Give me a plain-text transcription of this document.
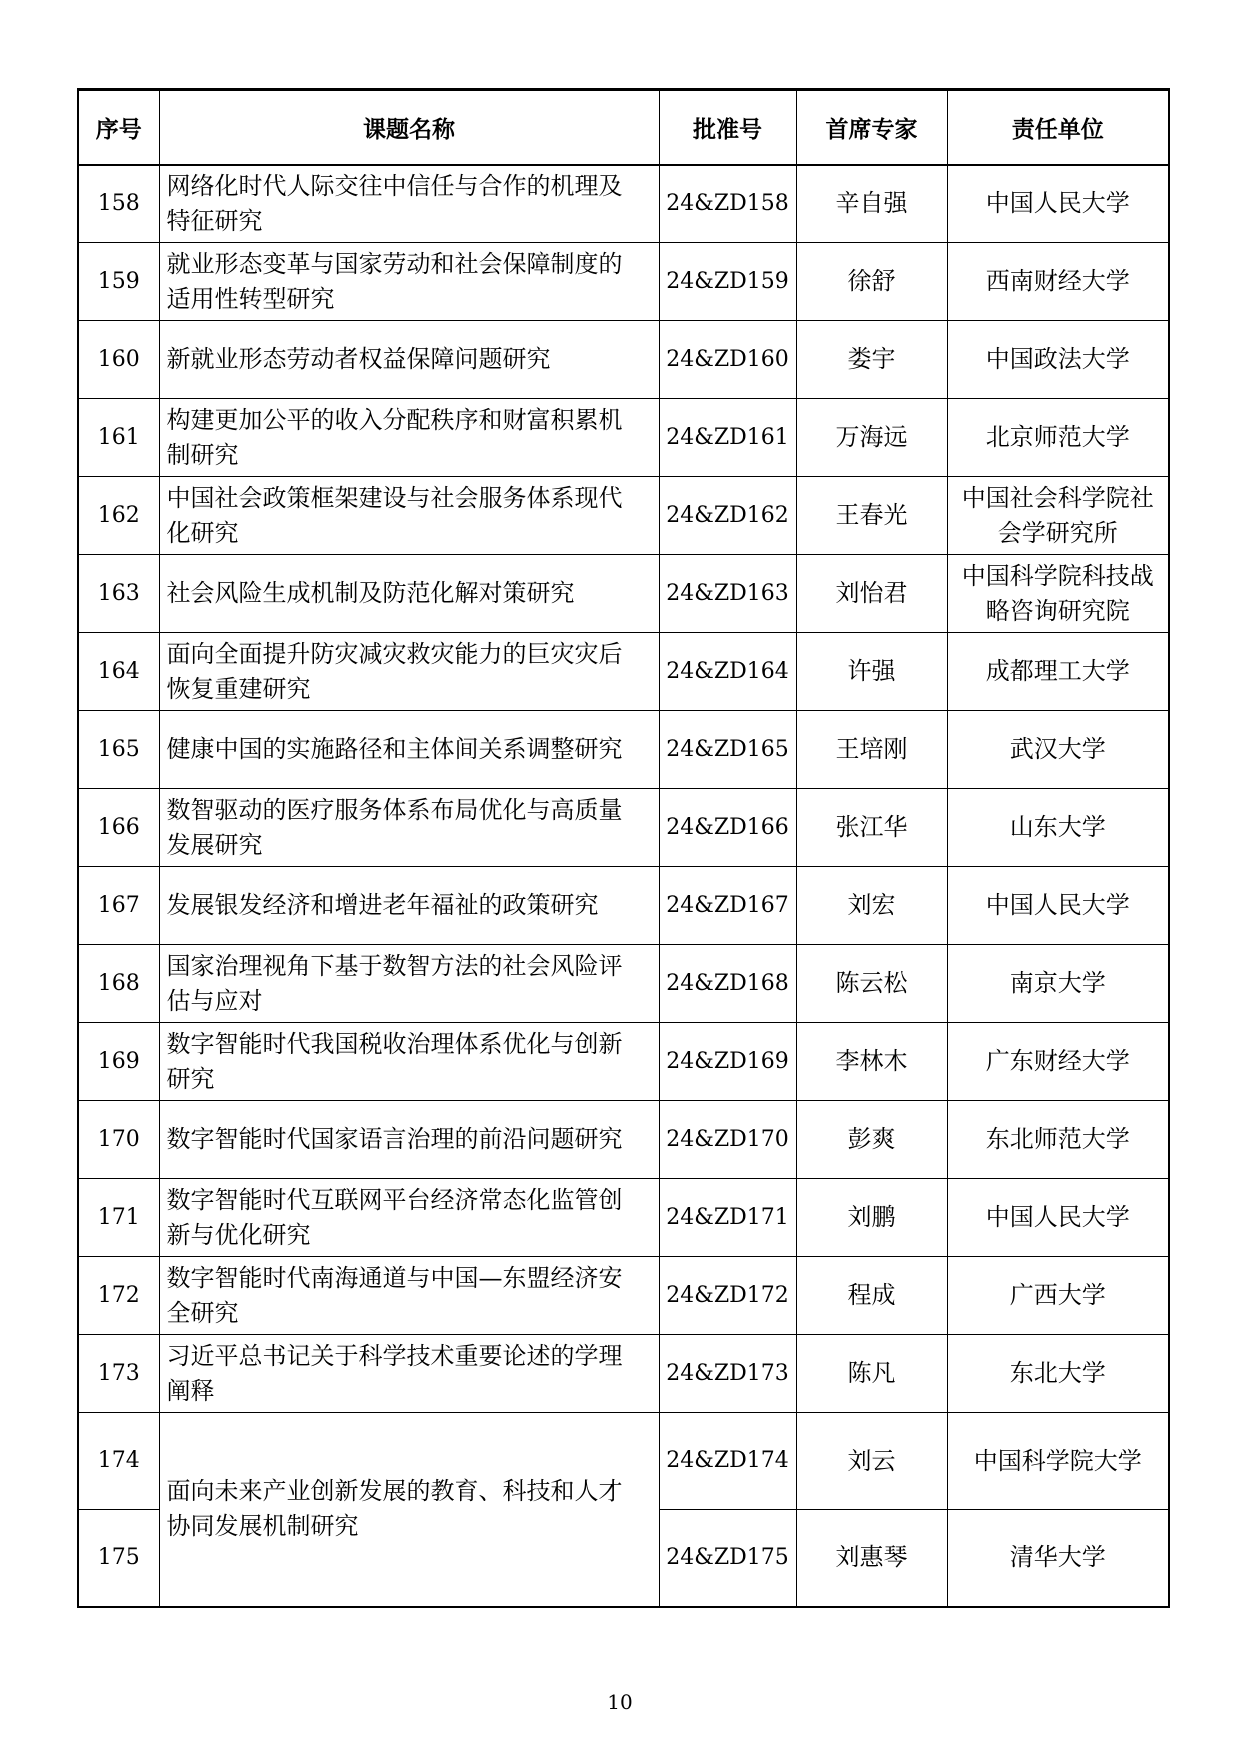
序号	课题名称	批准号	首席专家	责任单位
158	网络化时代人际交往中信任与合作的机理及特征研究	24&ZD158	辛自强	中国人民大学
159	就业形态变革与国家劳动和社会保障制度的适用性转型研究	24&ZD159	徐舒	西南财经大学
160	新就业形态劳动者权益保障问题研究	24&ZD160	娄宇	中国政法大学
161	构建更加公平的收入分配秩序和财富积累机制研究	24&ZD161	万海远	北京师范大学
162	中国社会政策框架建设与社会服务体系现代化研究	24&ZD162	王春光	中国社会科学院社会学研究所
163	社会风险生成机制及防范化解对策研究	24&ZD163	刘怡君	中国科学院科技战略咨询研究院
164	面向全面提升防灾减灾救灾能力的巨灾灾后恢复重建研究	24&ZD164	许强	成都理工大学
165	健康中国的实施路径和主体间关系调整研究	24&ZD165	王培刚	武汉大学
166	数智驱动的医疗服务体系布局优化与高质量发展研究	24&ZD166	张江华	山东大学
167	发展银发经济和增进老年福祉的政策研究	24&ZD167	刘宏	中国人民大学
168	国家治理视角下基于数智方法的社会风险评估与应对	24&ZD168	陈云松	南京大学
169	数字智能时代我国税收治理体系优化与创新研究	24&ZD169	李林木	广东财经大学
170	数字智能时代国家语言治理的前沿问题研究	24&ZD170	彭爽	东北师范大学
171	数字智能时代互联网平台经济常态化监管创新与优化研究	24&ZD171	刘鹏	中国人民大学
172	数字智能时代南海通道与中国—东盟经济安全研究	24&ZD172	程成	广西大学
173	习近平总书记关于科学技术重要论述的学理阐释	24&ZD173	陈凡	东北大学
174	面向未来产业创新发展的教育、科技和人才协同发展机制研究	24&ZD174	刘云	中国科学院大学
175		24&ZD175	刘惠琴	清华大学
10
